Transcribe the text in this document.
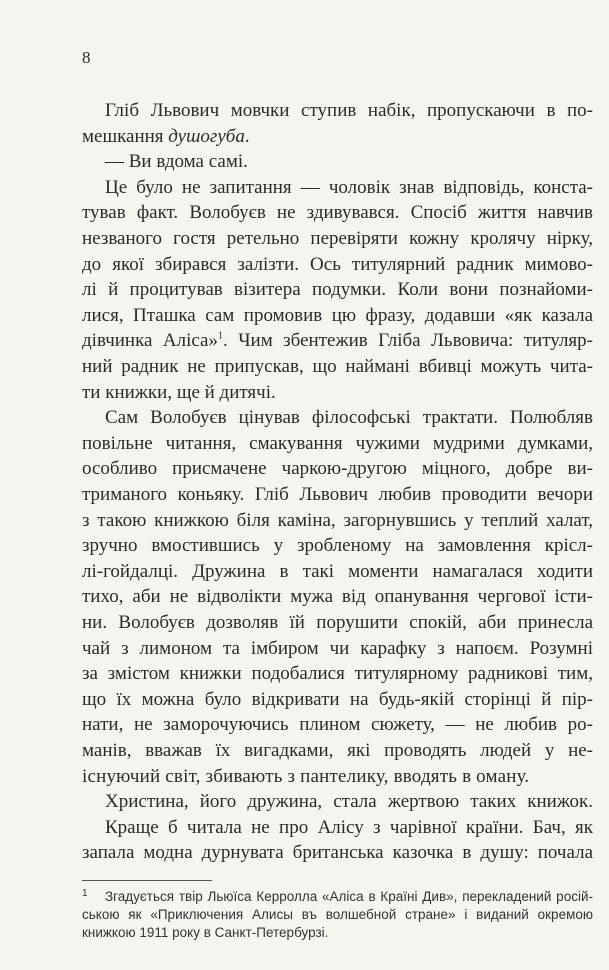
8
Гліб Львович мовчки ступив набік, пропускаючи в по-
мешкання душогуба.
— Ви вдома самі.
Це було не запитання — чоловік знав відповідь, конста-
тував факт. Волобуєв не здивувався. Спосіб життя навчив
незваного гостя ретельно перевіряти кожну кролячу нірку,
до якої збирався залізти. Ось титулярний радник мимово-
лі й процитував візитера подумки. Коли вони познайоми-
лися, Пташка сам промовив цю фразу, додавши «як казала
дівчинка Аліса»$^1$. Чим збентежив Гліба Львовича: титуляр-
ний радник не припускав, що наймані вбивці можуть чита-
ти книжки, ще й дитячі.
Сам Волобуєв цінував філософські трактати. Полюбляв
повільне читання, смакування чужими мудрими думками,
особливо присмачене чаркою-другою міцного, добре ви-
триманого коньяку. Гліб Львович любив проводити вечори
з такою книжкою біля каміна, загорнувшись у теплий халат,
зручно вмостившись у зробленому на замовлення крісл-
лі-гойдалці. Дружина в такі моменти намагалася ходити
тихо, аби не відволікти мужа від опанування чергової істи-
ни. Волобуєв дозволяв їй порушити спокій, аби принесла
чай з лимоном та імбиром чи карафку з напоєм. Розумні
за змістом книжки подобалися титулярному радникові тим,
що їх можна було відкривати на будь-якій сторінці й пір-
нати, не заморочуючись плином сюжету, — не любив ро-
манів, вважав їх вигадками, які проводять людей у не-
існуючий світ, збивають з пантелику, вводять в оману.
Христина, його дружина, стала жертвою таких книжок.
Краще б читала не про Алісу з чарівної країни. Бач, як
запала модна дурнувата британська казочка в душу: почала
1 Згадується твір Льюїса Керролла «Аліса в Країні Див», перекладений росій-
ською як «Приключения Алисы въ волшебной стране» і виданий окремою
книжкою 1911 року в Санкт-Петербурзі.
